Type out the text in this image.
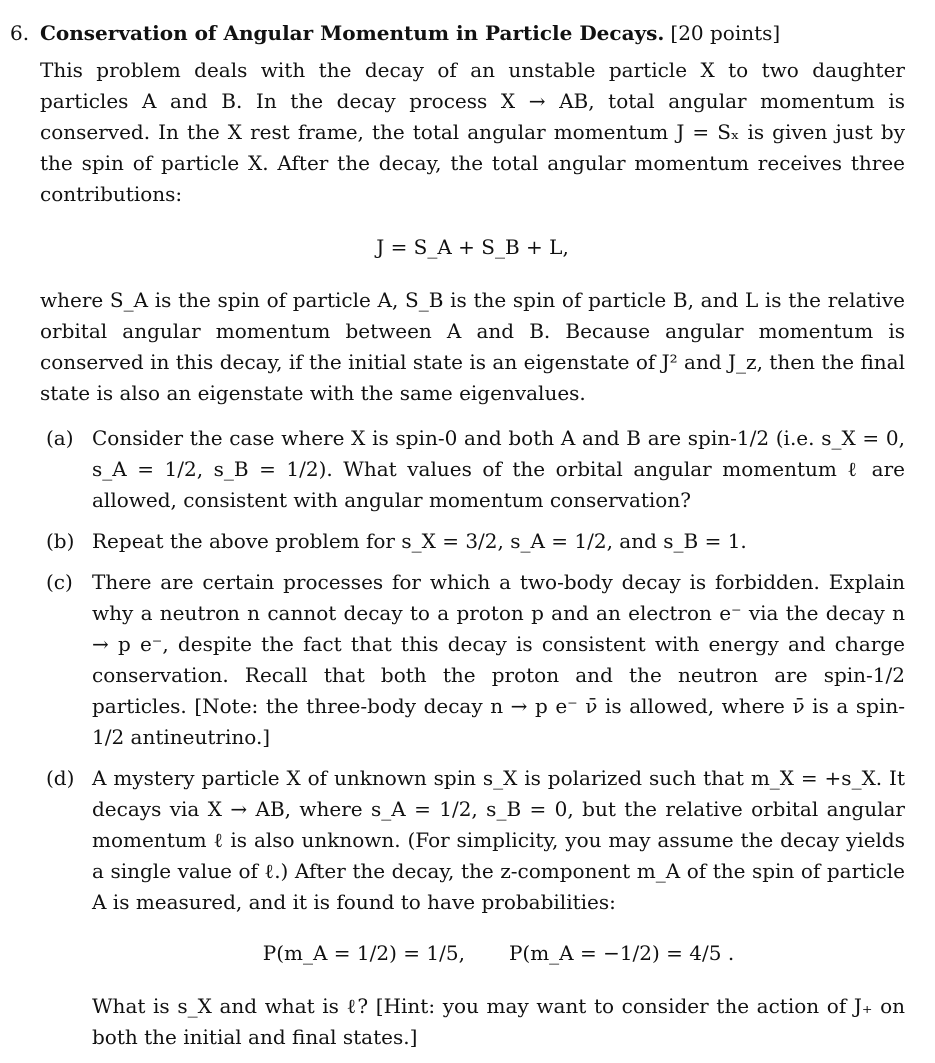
6. Conservation of Angular Momentum in Particle Decays. [20 points]

This problem deals with the decay of an unstable particle X to two daughter particles A and B. In the decay process X → AB, total angular momentum is conserved. In the X rest frame, the total angular momentum J = Sₓ is given just by the spin of particle X. After the decay, the total angular momentum receives three contributions:

J = S_A + S_B + L,

where S_A is the spin of particle A, S_B is the spin of particle B, and L is the relative orbital angular momentum between A and B. Because angular momentum is conserved in this decay, if the initial state is an eigenstate of J² and J_z, then the final state is also an eigenstate with the same eigenvalues.

(a) Consider the case where X is spin-0 and both A and B are spin-1/2 (i.e. s_X = 0, s_A = 1/2, s_B = 1/2). What values of the orbital angular momentum ℓ are allowed, consistent with angular momentum conservation?
(b) Repeat the above problem for s_X = 3/2, s_A = 1/2, and s_B = 1.
(c) There are certain processes for which a two-body decay is forbidden. Explain why a neutron n cannot decay to a proton p and an electron e⁻ via the decay n → p e⁻, despite the fact that this decay is consistent with energy and charge conservation. Recall that both the proton and the neutron are spin-1/2 particles. [Note: the three-body decay n → p e⁻ ν̄ is allowed, where ν̄ is a spin-1/2 antineutrino.]
(d) A mystery particle X of unknown spin s_X is polarized such that m_X = +s_X. It decays via X → AB, where s_A = 1/2, s_B = 0, but the relative orbital angular momentum ℓ is also unknown. (For simplicity, you may assume the decay yields a single value of ℓ.) After the decay, the z-component m_A of the spin of particle A is measured, and it is found to have probabilities:
P(m_A = 1/2) = 1/5, P(m_A = −1/2) = 4/5 .
What is s_X and what is ℓ? [Hint: you may want to consider the action of J₊ on both the initial and final states.]
